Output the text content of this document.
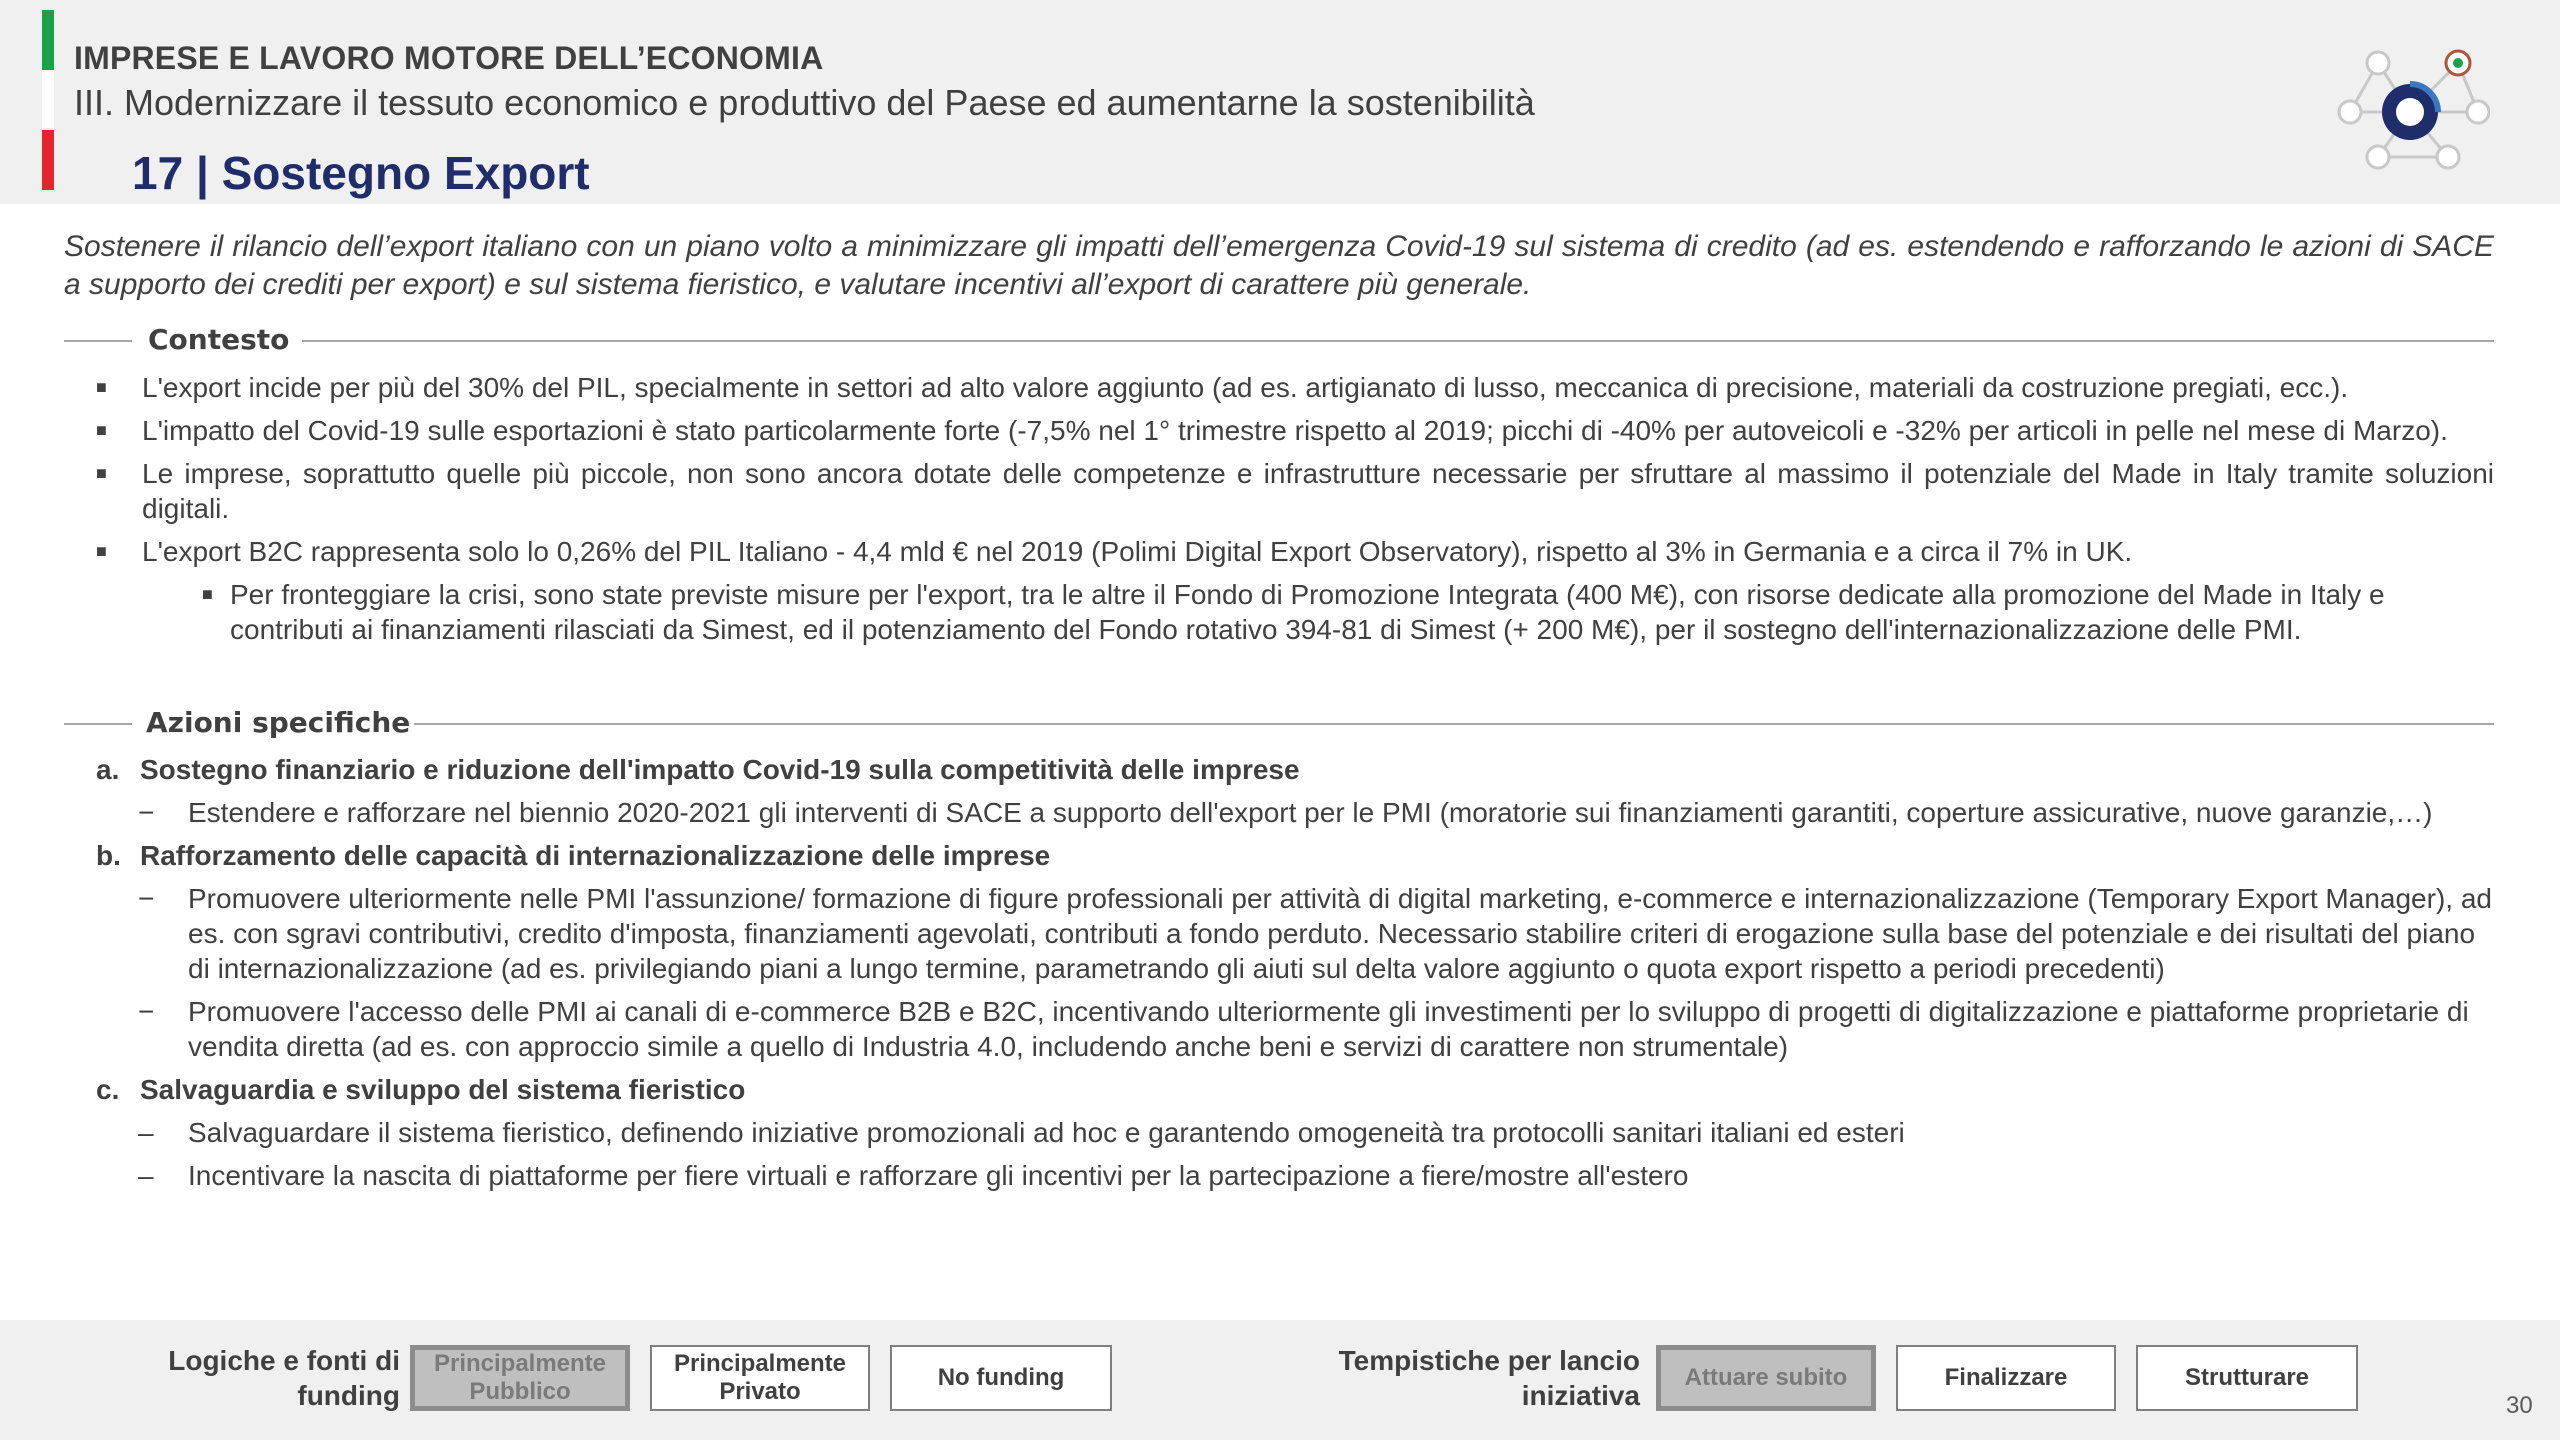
IMPRESE E LAVORO MOTORE DELL’ECONOMIA
III. Modernizzare il tessuto economico e produttivo del Paese ed aumentarne la sostenibilità
17 | Sostegno Export
Sostenere il rilancio dell’export italiano con un piano volto a minimizzare gli impatti dell’emergenza Covid-19 sul sistema di credito (ad es. estendendo e rafforzando le azioni di SACE a supporto dei crediti per export) e sul sistema fieristico, e valutare incentivi all’export di carattere più generale.
Contesto
■ L'export incide per più del 30% del PIL, specialmente in settori ad alto valore aggiunto (ad es. artigianato di lusso, meccanica di precisione, materiali da costruzione pregiati, ecc.).
■ L'impatto del Covid-19 sulle esportazioni è stato particolarmente forte (-7,5% nel 1° trimestre rispetto al 2019; picchi di -40% per autoveicoli e -32% per articoli in pelle nel mese di Marzo).
■ Le imprese, soprattutto quelle più piccole, non sono ancora dotate delle competenze e infrastrutture necessarie per sfruttare al massimo il potenziale del Made in Italy tramite soluzioni digitali.
■ L'export B2C rappresenta solo lo 0,26% del PIL Italiano - 4,4 mld € nel 2019 (Polimi Digital Export Observatory), rispetto al 3% in Germania e a circa il 7% in UK.
■ Per fronteggiare la crisi, sono state previste misure per l'export, tra le altre il Fondo di Promozione Integrata (400 M€), con risorse dedicate alla promozione del Made in Italy e contributi ai finanziamenti rilasciati da Simest, ed il potenziamento del Fondo rotativo 394-81 di Simest (+ 200 M€), per il sostegno dell'internazionalizzazione delle PMI.
Azioni specifiche
a. Sostegno finanziario e riduzione dell'impatto Covid-19 sulla competitività delle imprese
− Estendere e rafforzare nel biennio 2020-2021 gli interventi di SACE a supporto dell'export per le PMI (moratorie sui finanziamenti garantiti, coperture assicurative, nuove garanzie,…)
b. Rafforzamento delle capacità di internazionalizzazione delle imprese
− Promuovere ulteriormente nelle PMI l'assunzione/ formazione di figure professionali per attività di digital marketing, e-commerce e internazionalizzazione (Temporary Export Manager), ad es. con sgravi contributivi, credito d'imposta, finanziamenti agevolati, contributi a fondo perduto. Necessario stabilire criteri di erogazione sulla base del potenziale e dei risultati del piano di internazionalizzazione (ad es. privilegiando piani a lungo termine, parametrando gli aiuti sul delta valore aggiunto o quota export rispetto a periodi precedenti)
− Promuovere l'accesso delle PMI ai canali di e-commerce B2B e B2C, incentivando ulteriormente gli investimenti per lo sviluppo di progetti di digitalizzazione e piattaforme proprietarie di vendita diretta (ad es. con approccio simile a quello di Industria 4.0, includendo anche beni e servizi di carattere non strumentale)
c. Salvaguardia e sviluppo del sistema fieristico
– Salvaguardare il sistema fieristico, definendo iniziative promozionali ad hoc e garantendo omogeneità tra protocolli sanitari italiani ed esteri
– Incentivare la nascita di piattaforme per fiere virtuali e rafforzare gli incentivi per la partecipazione a fiere/mostre all'estero
Logiche e fonti di
funding
Principalmente Pubblico
Principalmente Privato
No funding
Tempistiche per lancio
iniziativa
Attuare subito	Finalizzare	Strutturare
30
